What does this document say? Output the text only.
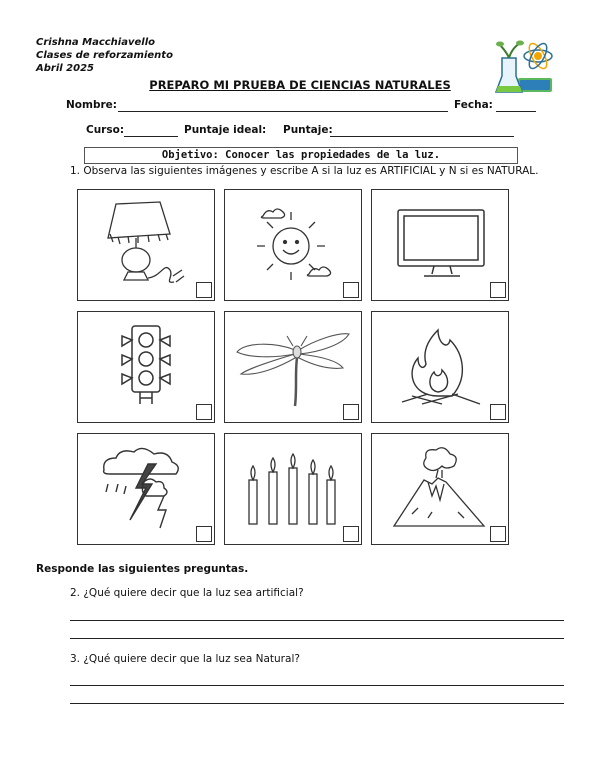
Crishna Macchiavello
Clases de reforzamiento
Abril 2025
PREPARO MI PRUEBA DE CIENCIAS NATURALES
Nombre:	Fecha:
Curso:	Puntaje ideal: Puntaje:
Objetivo: Conocer las propiedades de la luz.
1. Observa las siguientes imágenes y escribe A si la luz es ARTIFICIAL y N si es NATURAL.
Responde las siguientes preguntas.
2. ¿Qué quiere decir que la luz sea artificial?
3. ¿Qué quiere decir que la luz sea Natural?
